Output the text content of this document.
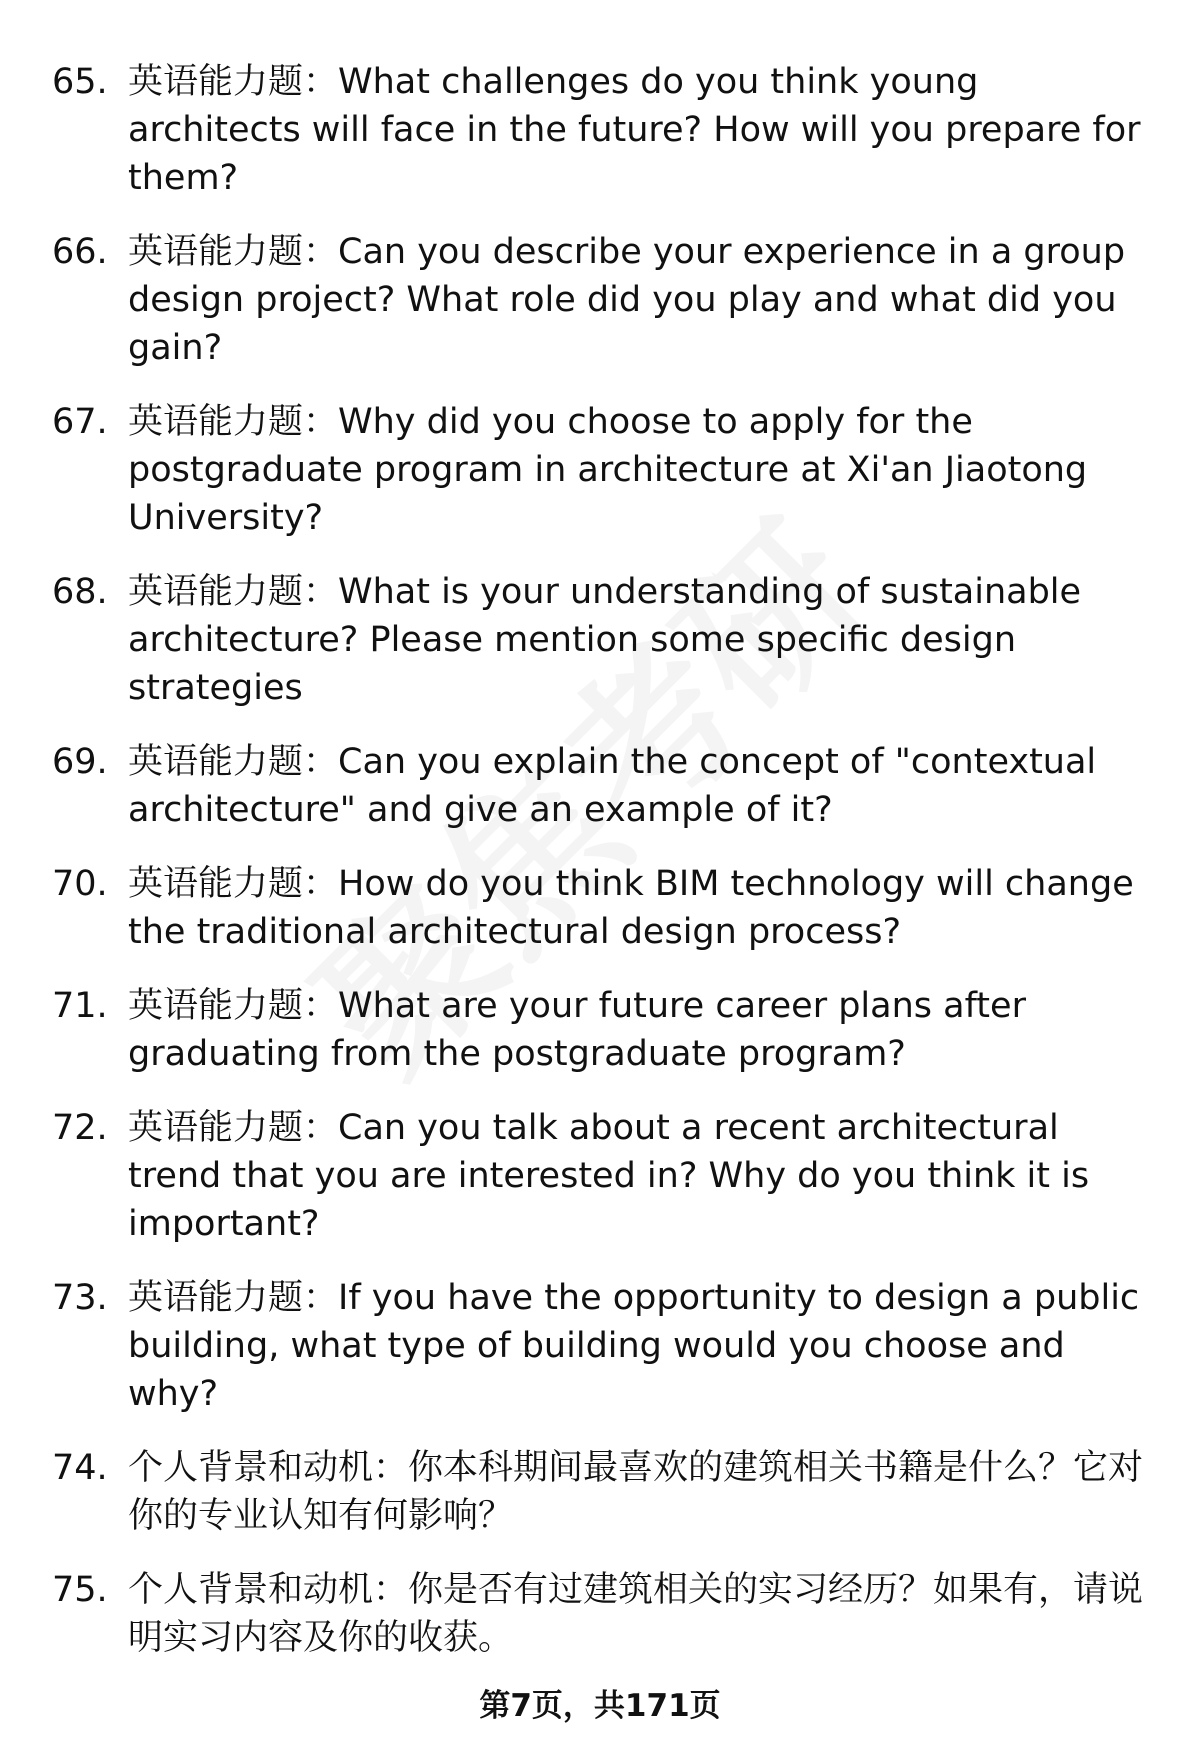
65. 英语能力题：What challenges do you think young architects will face in the future? How will you prepare for them?
66. 英语能力题：Can you describe your experience in a group design project? What role did you play and what did you gain?
67. 英语能力题：Why did you choose to apply for the postgraduate program in architecture at Xi'an Jiaotong University?
68. 英语能力题：What is your understanding of sustainable architecture? Please mention some specific design strategies
69. 英语能力题：Can you explain the concept of "contextual architecture" and give an example of it?
70. 英语能力题：How do you think BIM technology will change the traditional architectural design process?
71. 英语能力题：What are your future career plans after graduating from the postgraduate program?
72. 英语能力题：Can you talk about a recent architectural trend that you are interested in? Why do you think it is important?
73. 英语能力题：If you have the opportunity to design a public building, what type of building would you choose and why?
74. 个人背景和动机：你本科期间最喜欢的建筑相关书籍是什么？它对你的专业认知有何影响？
75. 个人背景和动机：你是否有过建筑相关的实习经历？如果有，请说明实习内容及你的收获。
第7页，共171页
